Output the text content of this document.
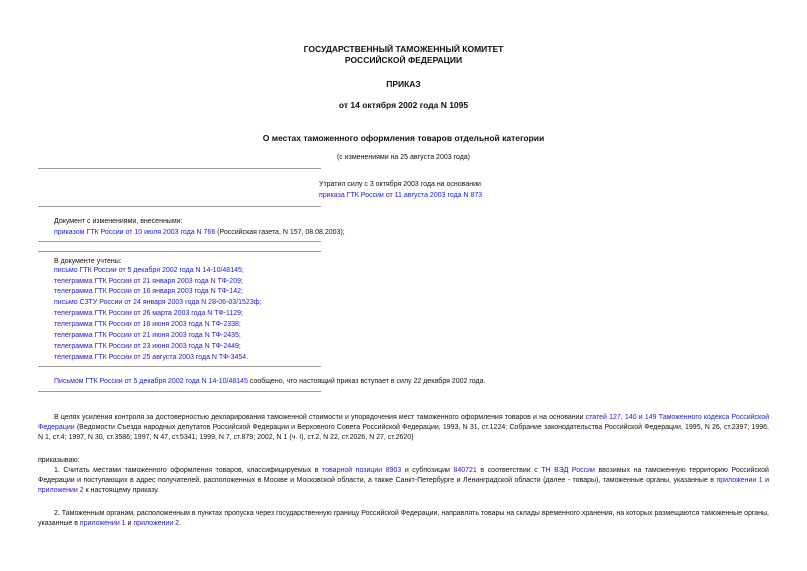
ГОСУДАРСТВЕННЫЙ ТАМОЖЕННЫЙ КОМИТЕТ
РОССИЙСКОЙ ФЕДЕРАЦИИ
ПРИКАЗ
от 14 октября 2002 года N 1095
О местах таможенного оформления товаров отдельной категории
(с изменениями на 25 августа 2003 года)
Утратил силу с 3 октября 2003 года на основании
приказа ГТК России от 11 августа 2003 года N 873
Документ с изменениями, внесенными:
приказом ГТК России от 10 июля 2003 года N 766 (Российская газета, N 157, 08.08.2003);
В документе учтены:
письмо ГТК России от 5 декабря 2002 года N 14-10/48145;
телеграмма ГТК России от 21 января 2003 года N ТФ-209;
телеграмма ГТК России от 16 января 2003 года N ТФ-142;
письмо СЗТУ России от 24 января 2003 года N 28-06-03/1523ф;
телеграмма ГТК России от 26 марта 2003 года N ТФ-1129;
телеграмма ГТК России от 18 июня 2003 года N ТФ-2338;
телеграмма ГТК России от 21 июня 2003 года N ТФ-2435;
телеграмма ГТК России от 23 июня 2003 года N ТФ-2449;
телеграмма ГТК России от 25 августа 2003 года N ТФ-3454.
Письмом ГТК России от 5 декабря 2002 года N 14-10/48145 сообщено, что настоящий приказ вступает в силу 22 декабря 2002 года.
В целях усиления контроля за достоверностью декларирования таможенной стоимости и упорядочения мест таможенного оформления товаров и на основании статей 127, 140 и 149 Таможенного кодекса Российской Федерации (Ведомости Съезда народных депутатов Российской Федерации и Верховного Совета Российской Федерации, 1993, N 31, ст.1224; Собрание законодательства Российской Федерации, 1995, N 26, ст.2397; 1996, N 1, ст.4; 1997, N 30, ст.3586; 1997, N 47, ст.5341; 1999, N 7, ст.879; 2002, N 1 (ч. I), ст.2, N 22, ст.2026, N 27, ст.2620)
приказываю:
1. Считать местами таможенного оформления товаров, классифицируемых в товарной позиции 8903 и субпозиции 840721 в соответствии с ТН ВЭД России ввозимых на таможенную территорию Российской Федерации и поступающих в адрес получателей, расположенных в Москве и Московской области, а также Санкт-Петербурге и Ленинградской области (далее - товары), таможенные органы, указанные в приложении 1 и приложении 2 к настоящему приказу.
2. Таможенным органам, расположенным в пунктах пропуска через государственную границу Российской Федерации, направлять товары на склады временного хранения, на которых размещаются таможенные органы, указанные в приложении 1 и приложении 2.
